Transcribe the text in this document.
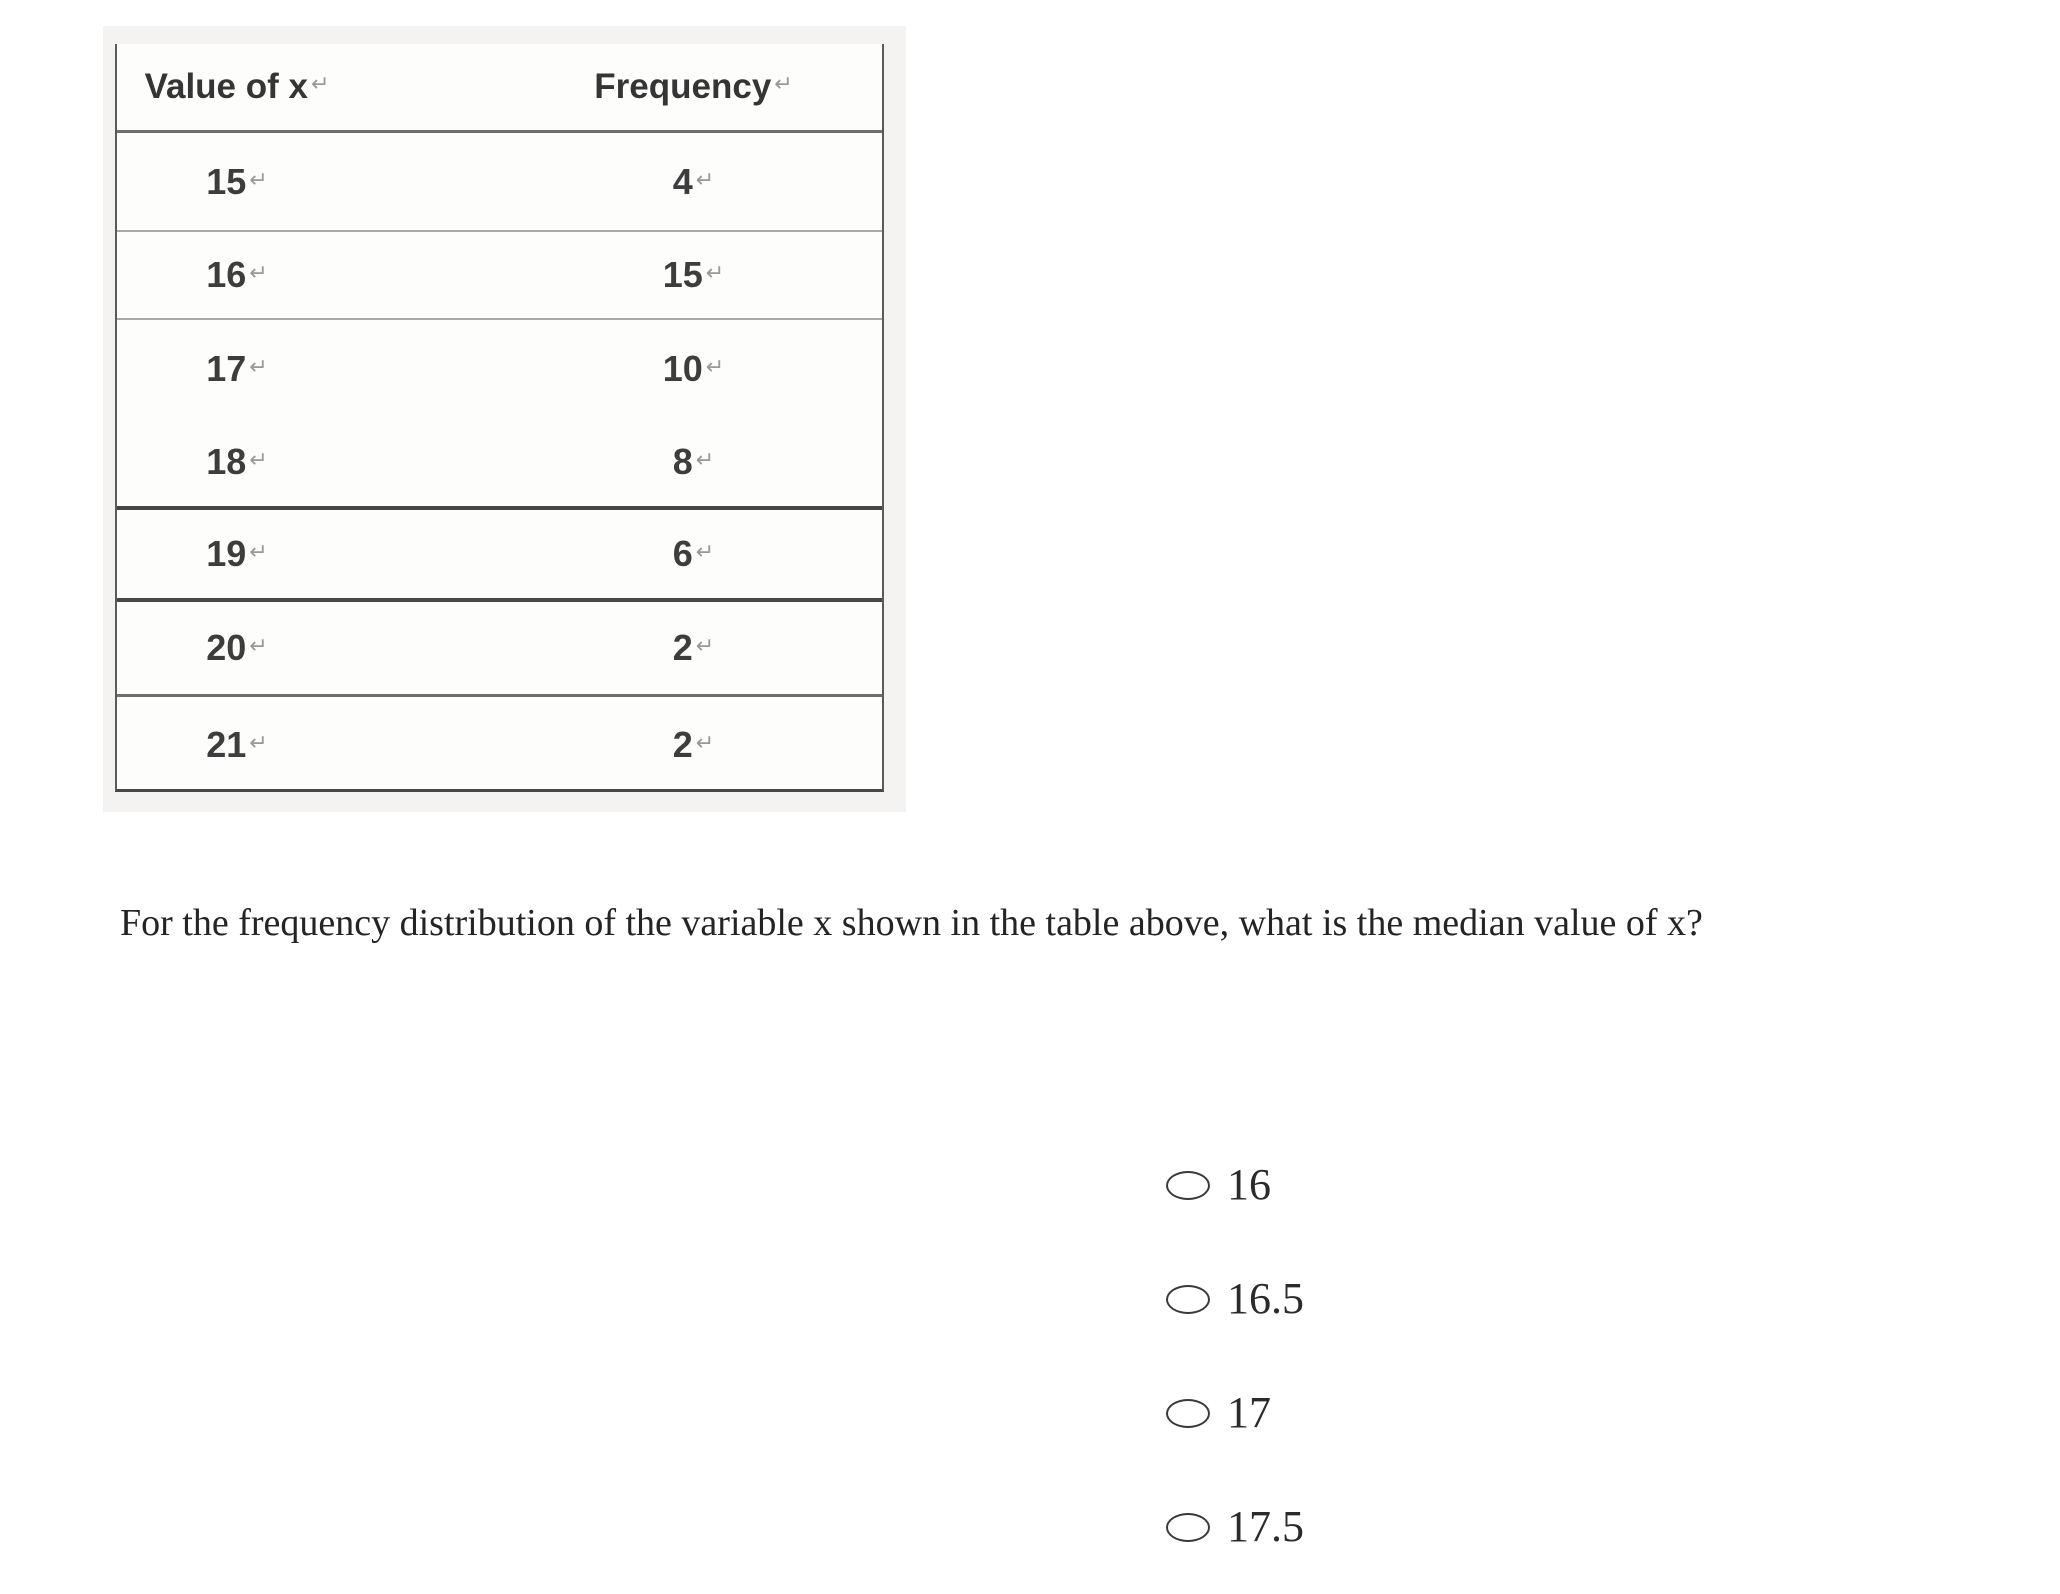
Value of x ↵	Frequency ↵
15 ↵	4 ↵
16 ↵	15 ↵
17 ↵	10 ↵
18 ↵	8 ↵
19 ↵	6 ↵
20 ↵	2 ↵
21 ↵	2 ↵
For the frequency distribution of the variable x shown in the table above, what is the median value of x?
16
16.5
17
17.5
